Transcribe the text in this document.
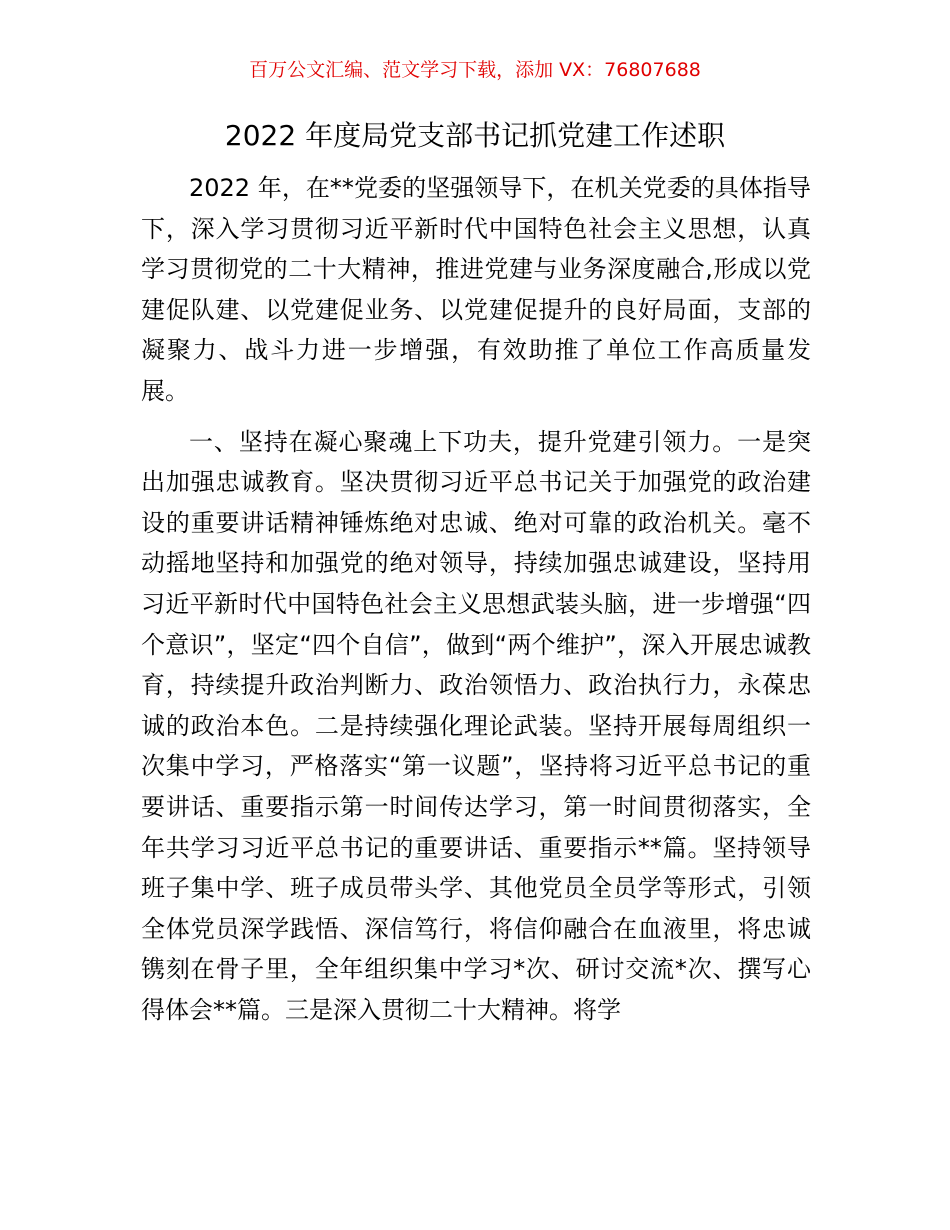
百万公文汇编、范文学习下载，添加 VX：76807688
2022 年度局党支部书记抓党建工作述职

2022 年，在**党委的坚强领导下，在机关党委的具体指导下，深入学习贯彻习近平新时代中国特色社会主义思想，认真学习贯彻党的二十大精神，推进党建与业务深度融合,形成以党建促队建、以党建促业务、以党建促提升的良好局面，支部的凝聚力、战斗力进一步增强，有效助推了单位工作高质量发展。

一、坚持在凝心聚魂上下功夫，提升党建引领力。一是突出加强忠诚教育。坚决贯彻习近平总书记关于加强党的政治建设的重要讲话精神锤炼绝对忠诚、绝对可靠的政治机关。毫不动摇地坚持和加强党的绝对领导，持续加强忠诚建设，坚持用习近平新时代中国特色社会主义思想武装头脑，进一步增强“四个意识”，坚定“四个自信”，做到“两个维护”，深入开展忠诚教育，持续提升政治判断力、政治领悟力、政治执行力，永葆忠诚的政治本色。二是持续强化理论武装。坚持开展每周组织一次集中学习，严格落实“第一议题”，坚持将习近平总书记的重要讲话、重要指示第一时间传达学习，第一时间贯彻落实，全年共学习习近平总书记的重要讲话、重要指示**篇。坚持领导班子集中学、班子成员带头学、其他党员全员学等形式，引领全体党员深学践悟、深信笃行，将信仰融合在血液里，将忠诚镌刻在骨子里，全年组织集中学习*次、研讨交流*次、撰写心得体会**篇。三是深入贯彻二十大精神。将学
